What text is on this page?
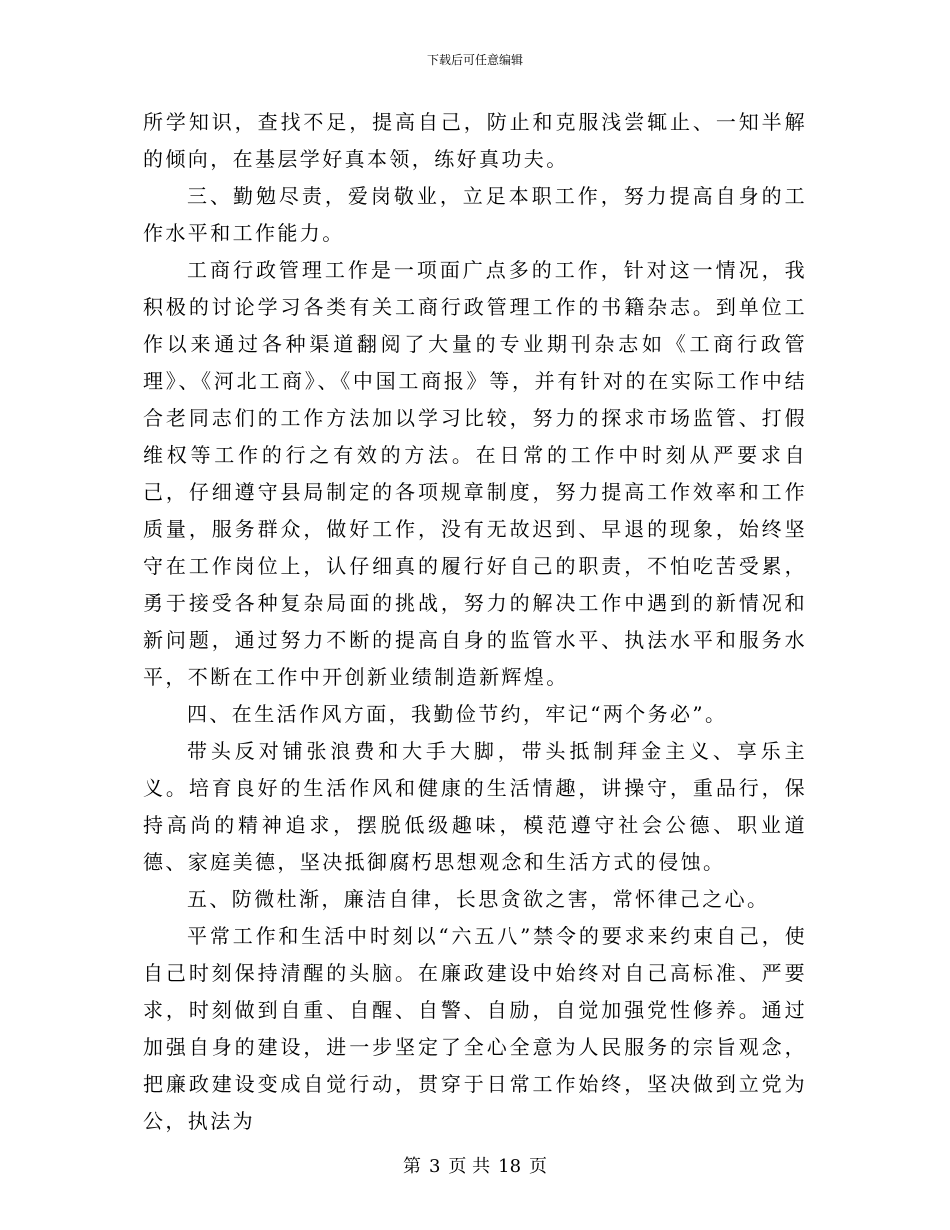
下载后可任意编辑

所学知识，查找不足，提高自己，防止和克服浅尝辄止、一知半解的倾向，在基层学好真本领，练好真功夫。

三、勤勉尽责，爱岗敬业，立足本职工作，努力提高自身的工作水平和工作能力。

工商行政管理工作是一项面广点多的工作，针对这一情况，我积极的讨论学习各类有关工商行政管理工作的书籍杂志。到单位工作以来通过各种渠道翻阅了大量的专业期刊杂志如《工商行政管理》、《河北工商》、《中国工商报》等，并有针对的在实际工作中结合老同志们的工作方法加以学习比较，努力的探求市场监管、打假维权等工作的行之有效的方法。在日常的工作中时刻从严要求自己，仔细遵守县局制定的各项规章制度，努力提高工作效率和工作质量，服务群众，做好工作，没有无故迟到、早退的现象，始终坚守在工作岗位上，认仔细真的履行好自己的职责，不怕吃苦受累，勇于接受各种复杂局面的挑战，努力的解决工作中遇到的新情况和新问题，通过努力不断的提高自身的监管水平、执法水平和服务水平，不断在工作中开创新业绩制造新辉煌。

四、在生活作风方面，我勤俭节约，牢记“两个务必”。

带头反对铺张浪费和大手大脚，带头抵制拜金主义、享乐主义。培育良好的生活作风和健康的生活情趣，讲操守，重品行，保持高尚的精神追求，摆脱低级趣味，模范遵守社会公德、职业道德、家庭美德，坚决抵御腐朽思想观念和生活方式的侵蚀。

五、防微杜渐，廉洁自律，长思贪欲之害，常怀律己之心。

平常工作和生活中时刻以“六五八”禁令的要求来约束自己，使自己时刻保持清醒的头脑。在廉政建设中始终对自己高标准、严要求，时刻做到自重、自醒、自警、自励，自觉加强党性修养。通过加强自身的建设，进一步坚定了全心全意为人民服务的宗旨观念，把廉政建设变成自觉行动，贯穿于日常工作始终，坚决做到立党为公，执法为

第 3 页 共 18 页
